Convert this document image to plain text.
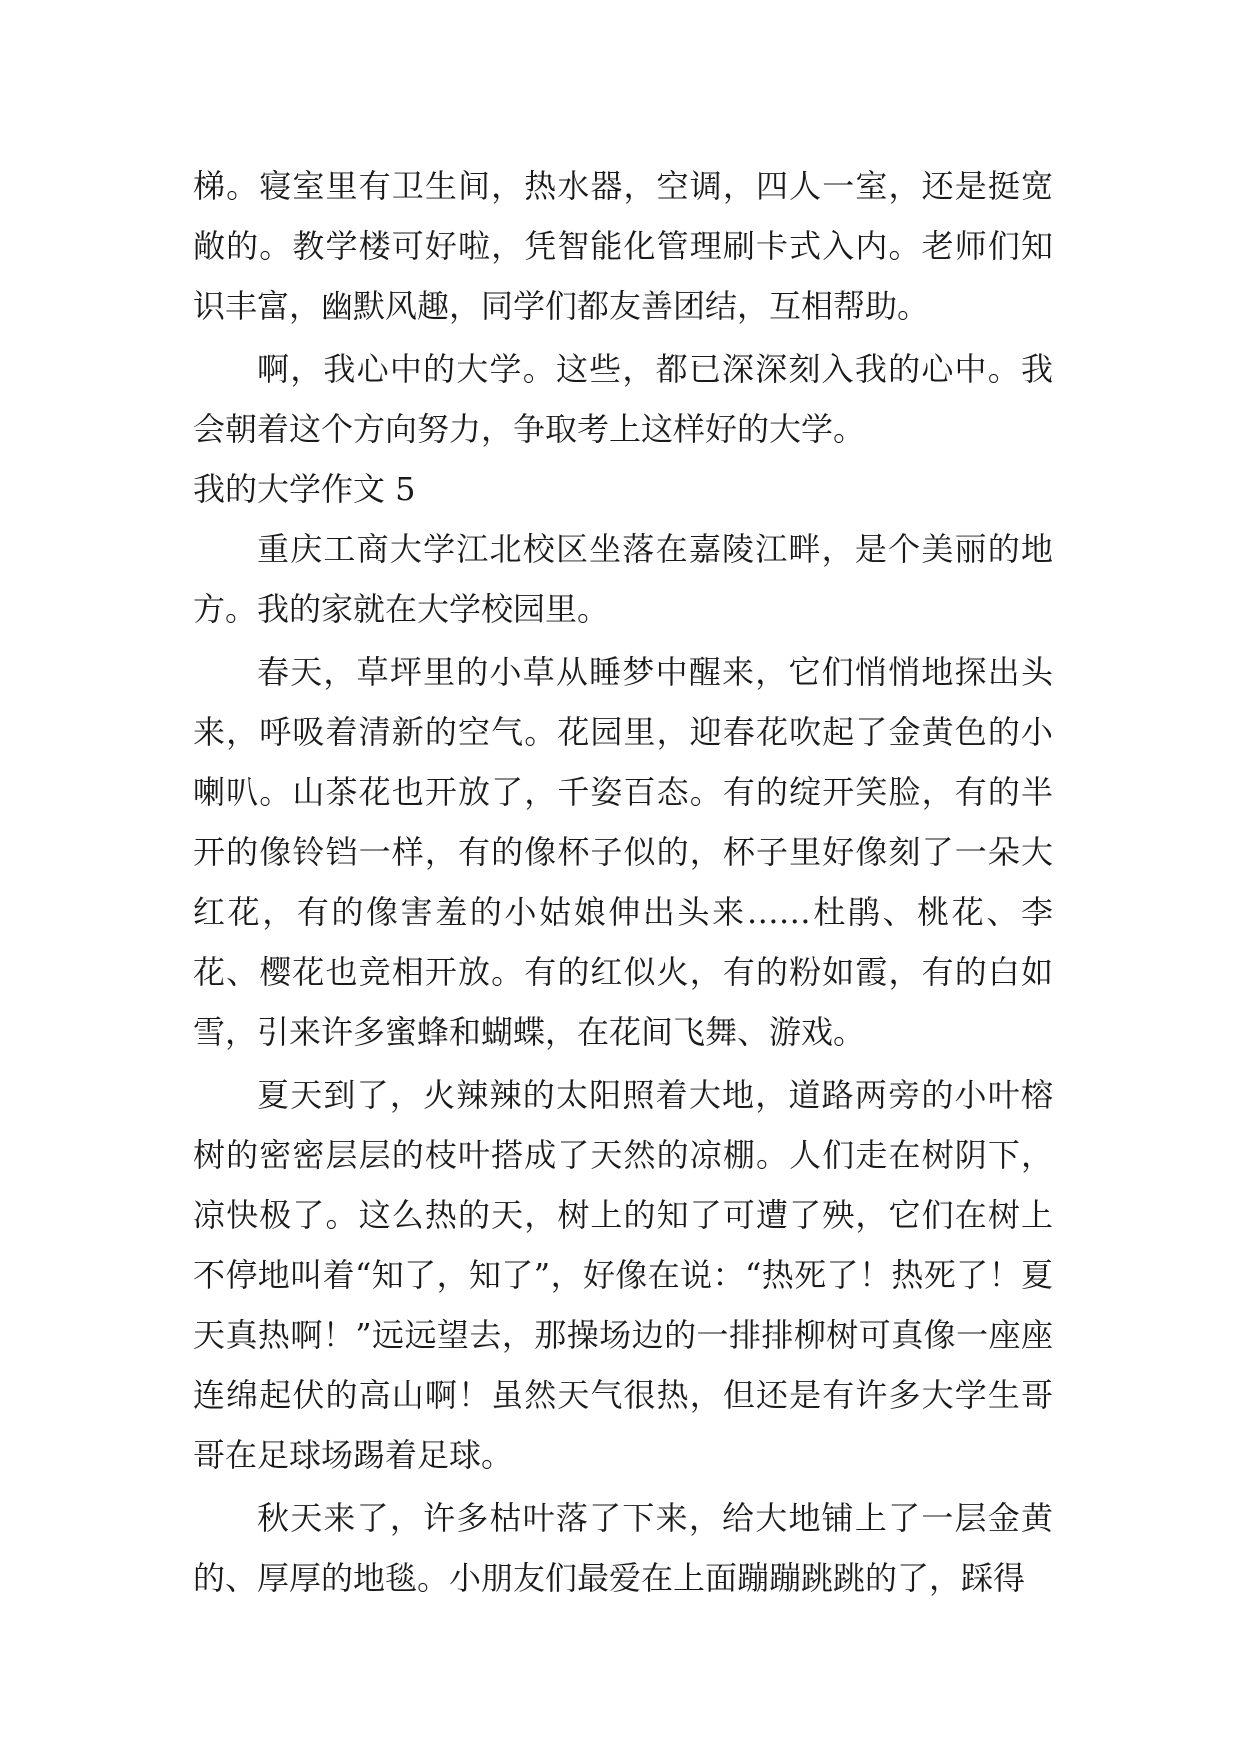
梯。寝室里有卫生间，热水器，空调，四人一室，还是挺宽敞的。教学楼可好啦，凭智能化管理刷卡式入内。老师们知识丰富，幽默风趣，同学们都友善团结，互相帮助。

啊，我心中的大学。这些，都已深深刻入我的心中。我会朝着这个方向努力，争取考上这样好的大学。

我的大学作文 5

重庆工商大学江北校区坐落在嘉陵江畔，是个美丽的地方。我的家就在大学校园里。

春天，草坪里的小草从睡梦中醒来，它们悄悄地探出头来，呼吸着清新的空气。花园里，迎春花吹起了金黄色的小喇叭。山茶花也开放了，千姿百态。有的绽开笑脸，有的半开的像铃铛一样，有的像杯子似的，杯子里好像刻了一朵大红花，有的像害羞的小姑娘伸出头来……杜鹃、桃花、李花、樱花也竞相开放。有的红似火，有的粉如霞，有的白如雪，引来许多蜜蜂和蝴蝶，在花间飞舞、游戏。

夏天到了，火辣辣的太阳照着大地，道路两旁的小叶榕树的密密层层的枝叶搭成了天然的凉棚。人们走在树阴下，凉快极了。这么热的天，树上的知了可遭了殃，它们在树上不停地叫着“知了，知了”，好像在说：“热死了！热死了！夏天真热啊！”远远望去，那操场边的一排排柳树可真像一座座连绵起伏的高山啊！虽然天气很热，但还是有许多大学生哥哥在足球场踢着足球。

秋天来了，许多枯叶落了下来，给大地铺上了一层金黄的、厚厚的地毯。小朋友们最爱在上面蹦蹦跳跳的了，踩得
